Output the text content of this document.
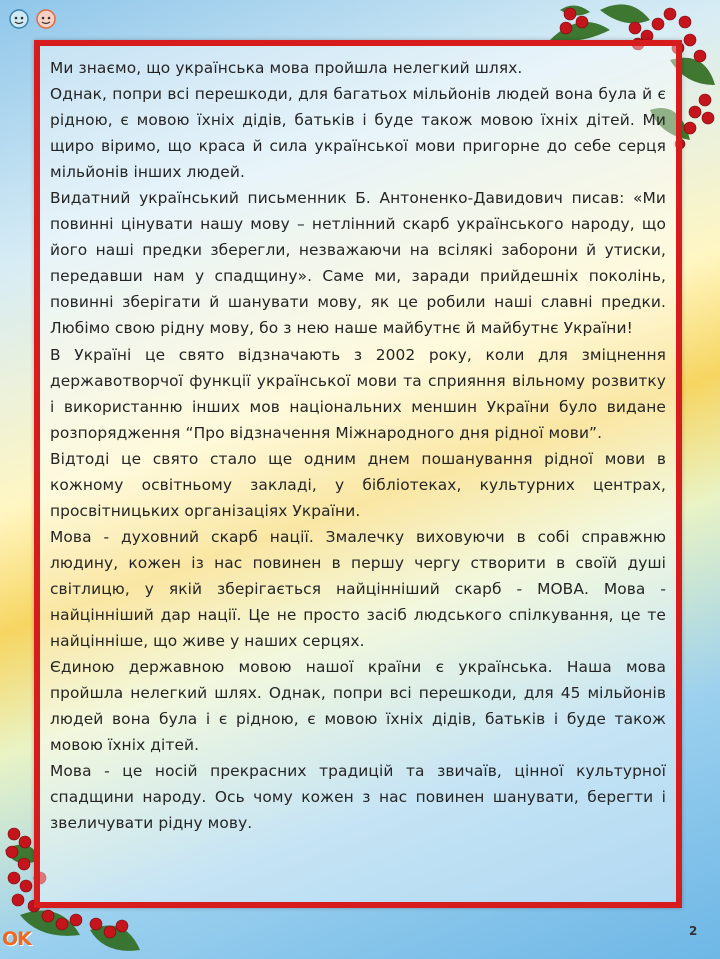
Ми знаємо, що українська мова пройшла нелегкий шлях.

Однак, попри всі перешкоди, для багатьох мільйонів людей вона була й є рідною, є мовою їхніх дідів, батьків і буде також мовою їхніх дітей. Ми щиро віримо, що краса й сила української мови пригорне до себе серця мільйонів інших людей.

Видатний український письменник Б. Антоненко-Давидович писав: «Ми повинні цінувати нашу мову – нетлінний скарб українського народу, що його наші предки зберегли, незважаючи на всілякі заборони й утиски, передавши нам у спадщину». Саме ми, заради прийдешніх поколінь, повинні зберігати й шанувати мову, як це робили наші славні предки. Любімо свою рідну мову, бо з нею наше майбутнє й майбутнє України!

В Україні це свято відзначають з 2002 року, коли для зміцнення державотворчої функції української мови та сприяння вільному розвитку і використанню інших мов національних меншин України було видане розпорядження “Про відзначення Міжнародного дня рідної мови”.

Відтоді це свято стало ще одним днем пошанування рідної мови в кожному освітньому закладі, у бібліотеках, культурних центрах, просвітницьких організаціях України.

Мова - духовний скарб нації. Змалечку виховуючи в собі справжню людину, кожен із нас повинен в першу чергу створити в своїй душі світлицю, у якій зберігається найцінніший скарб - МОВА. Мова - найцінніший дар нації. Це не просто засіб людського спілкування, це те найцінніше, що живе у наших серцях.

Єдиною державною мовою нашої країни є українська. Наша мова пройшла нелегкий шлях. Однак, попри всі перешкоди, для 45 мільйонів людей вона була і є рідною, є мовою їхніх дідів, батьків і буде також мовою їхніх дітей.

Мова - це носій прекрасних традицій та звичаїв, цінної культурної спадщини народу. Ось чому кожен з нас повинен шанувати, берегти і звеличувати рідну мову.

OK	2
